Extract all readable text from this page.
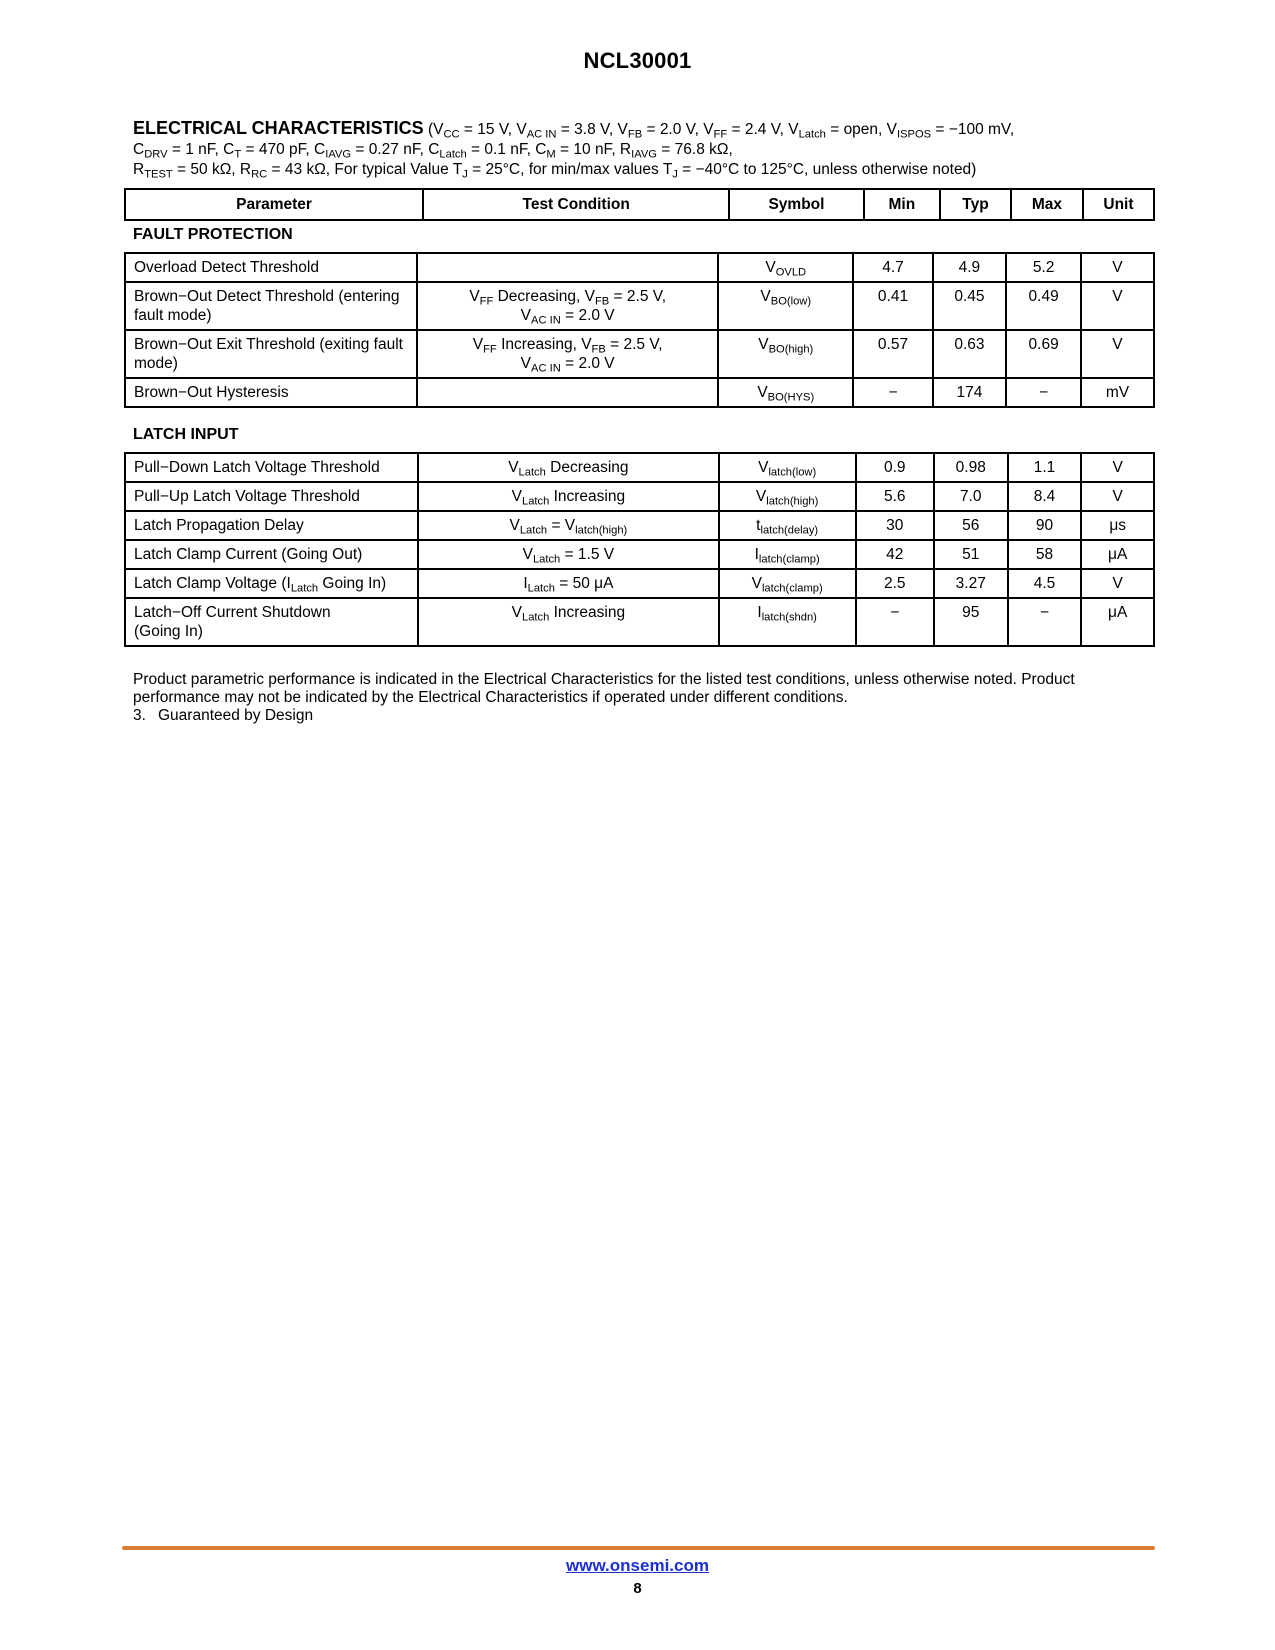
NCL30001
ELECTRICAL CHARACTERISTICS ($V_{CC} = 15$ V, $V_{AC IN} = 3.8$ V, $V_{FB} = 2.0$ V, $V_{FF} = 2.4$ V, $V_{Latch}$ = open, $V_{ISPOS} = -100$ mV,
$C_{DRV} = 1$ nF, $C_T = 470$ pF, $C_{IAVG} = 0.27$ nF, $C_{Latch} = 0.1$ nF, $C_M = 10$ nF, $R_{IAVG} = 76.8$ kΩ,
$R_{TEST} = 50$ kΩ, $R_{RC} = 43$ kΩ, For typical Value $T_J = 25^\circ C$, for min/max values $T_J = -40^\circ C$ to 125°C, unless otherwise noted)
Parameter	Test Condition	Symbol	Min	Typ	Max	Unit
FAULT PROTECTION
Overload Detect Threshold		$V_{OVLD}$	4.7	4.9	5.2	V
Brown−Out Detect Threshold (entering fault mode)	$V_{FF}$ Decreasing, $V_{FB} = 2.5$ V,
$V_{AC IN} = 2.0$ V	$V_{BO(low)}$	0.41	0.45	0.49	V
Brown−Out Exit Threshold (exiting fault mode)	$V_{FF}$ Increasing, $V_{FB} = 2.5$ V,
$V_{AC IN} = 2.0$ V	$V_{BO(high)}$	0.57	0.63	0.69	V
Brown−Out Hysteresis		$V_{BO(HYS)}$	−	174	−	mV
LATCH INPUT
Pull−Down Latch Voltage Threshold	$V_{Latch}$ Decreasing	$V_{latch(low)}$	0.9	0.98	1.1	V
Pull−Up Latch Voltage Threshold	$V_{Latch}$ Increasing	$V_{latch(high)}$	5.6	7.0	8.4	V
Latch Propagation Delay	$V_{Latch} = V_{latch(high)}$	$t_{latch(delay)}$	30	56	90	μs
Latch Clamp Current (Going Out)	$V_{Latch} = 1.5$ V	$I_{latch(clamp)}$	42	51	58	μA
Latch Clamp Voltage ($I_{Latch}$ Going In)	$I_{Latch} = 50$ μA	$V_{latch(clamp)}$	2.5	3.27	4.5	V
Latch−Off Current Shutdown
(Going In)	$V_{Latch}$ Increasing	$I_{latch(shdn)}$	−	95	−	μA
Product parametric performance is indicated in the Electrical Characteristics for the listed test conditions, unless otherwise noted. Product performance may not be indicated by the Electrical Characteristics if operated under different conditions.
3. Guaranteed by Design
www.onsemi.com
8
